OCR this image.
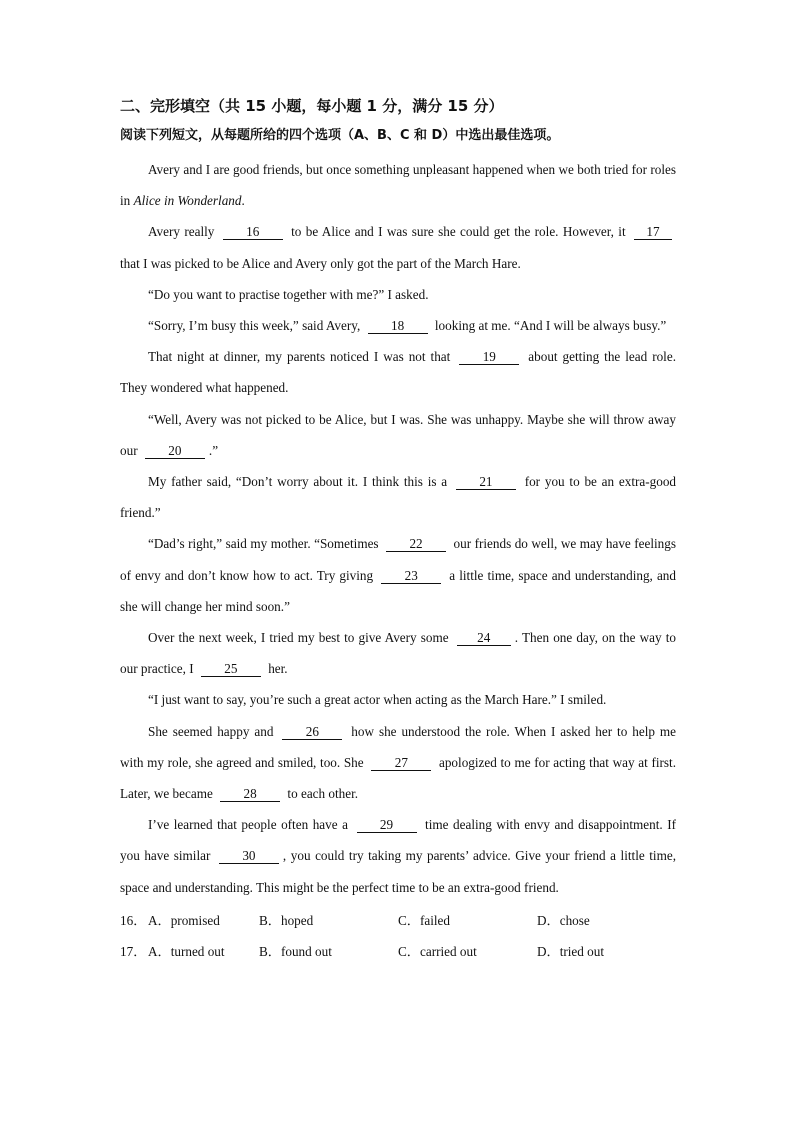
二、完形填空（共 15 小题，每小题 1 分，满分 15 分）
阅读下列短文，从每题所给的四个选项（A、B、C 和 D）中选出最佳选项。

Avery and I are good friends, but once something unpleasant happened when we both tried for roles in Alice in Wonderland.

Avery really 16 to be Alice and I was sure she could get the role. However, it 17 that I was picked to be Alice and Avery only got the part of the March Hare.

“Do you want to practise together with me?” I asked.

“Sorry, I’m busy this week,” said Avery, 18 looking at me. “And I will be always busy.”

That night at dinner, my parents noticed I was not that 19 about getting the lead role. They wondered what happened.

“Well, Avery was not picked to be Alice, but I was. She was unhappy. Maybe she will throw away our 20 .”

My father said, “Don’t worry about it. I think this is a 21 for you to be an extra-good friend.”

“Dad’s right,” said my mother. “Sometimes 22 our friends do well, we may have feelings of envy and don’t know how to act. Try giving 23 a little time, space and understanding, and she will change her mind soon.”

Over the next week, I tried my best to give Avery some 24 . Then one day, on the way to our practice, I 25 her.

“I just want to say, you’re such a great actor when acting as the March Hare.” I smiled.

She seemed happy and 26 how she understood the role. When I asked her to help me with my role, she agreed and smiled, too. She 27 apologized to me for acting that way at first. Later, we became 28 to each other.

I’ve learned that people often have a 29 time dealing with envy and disappointment. If you have similar 30 , you could try taking my parents’ advice. Give your friend a little time, space and understanding. This might be the perfect time to be an extra-good friend.

16． A．promised	B．hoped	C．failed	D．chose
17． A．turned out	B．found out	C．carried out	D．tried out
